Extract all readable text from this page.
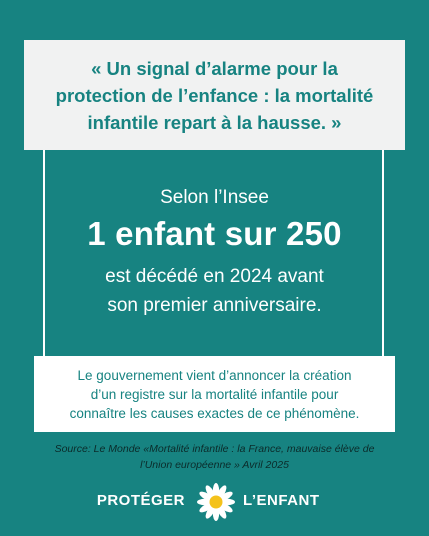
« Un signal d’alarme pour la
protection de l’enfance : la mortalité
infantile repart à la hausse. »
Selon l’Insee
1 enfant sur 250
est décédé en 2024 avant
son premier anniversaire.
Le gouvernement vient d’annoncer la création
d’un registre sur la mortalité infantile pour
connaître les causes exactes de ce phénomène.
Source: Le Monde «Mortalité infantile : la France, mauvaise élève de
l’Union européenne » Avril 2025
PROTÉGER	L’ENFANT
